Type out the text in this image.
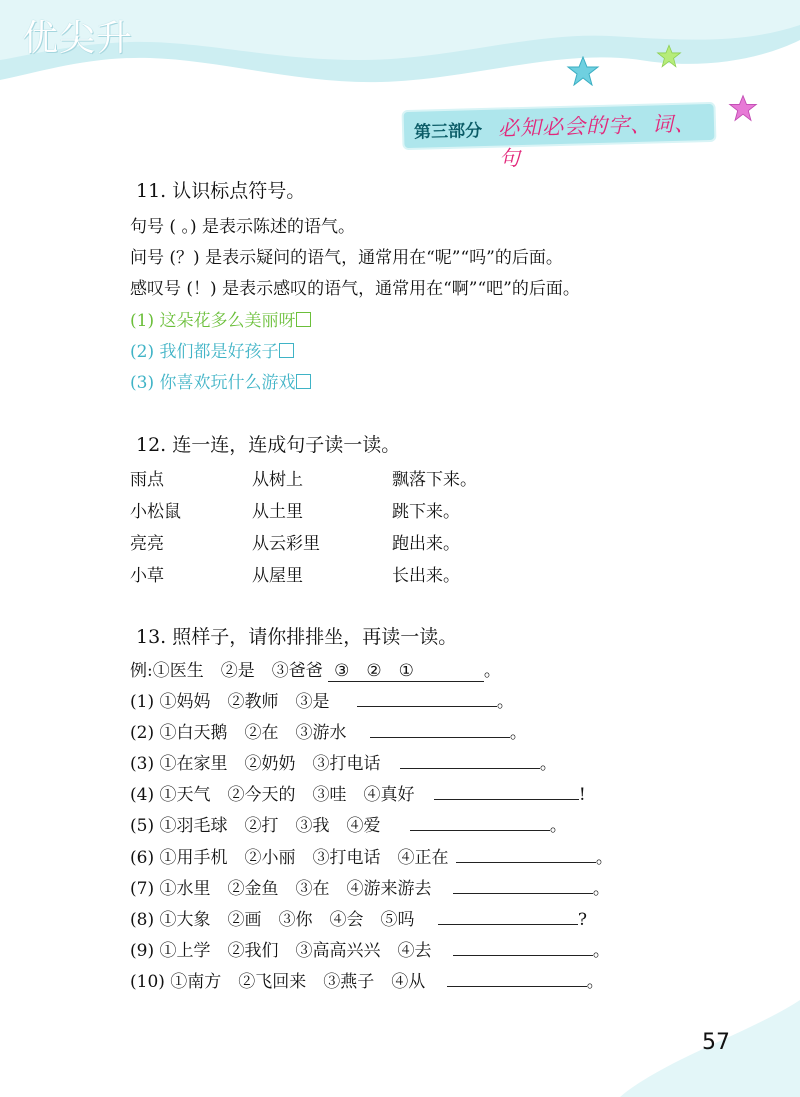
优尖升
第三部分 必知必会的字、词、句
11. 认识标点符号。
句号 ( 。) 是表示陈述的语气。
问号 (？) 是表示疑问的语气，通常用在“呢”“吗”的后面。
感叹号 (！) 是表示感叹的语气，通常用在“啊”“吧”的后面。
(1) 这朵花多么美丽呀
(2) 我们都是好孩子
(3) 你喜欢玩什么游戏
12. 连一连，连成句子读一读。
雨点	从树上	飘落下来。
小松鼠	从土里	跳下来。
亮亮	从云彩里	跑出来。
小草	从屋里	长出来。
13. 照样子，请你排排坐，再读一读。
例:①医生　②是　③爸爸 ③　②　①	。
(1) ①妈妈　②教师　③是	。
(2) ①白天鹅　②在　③游水	。
(3) ①在家里　②奶奶　③打电话	。
(4) ①天气　②今天的　③哇　④真好	!
(5) ①羽毛球　②打　③我　④爱	。
(6) ①用手机　②小丽　③打电话　④正在	。
(7) ①水里　②金鱼　③在　④游来游去	。
(8) ①大象　②画　③你　④会　⑤吗	?
(9) ①上学　②我们　③高高兴兴　④去	。
(10) ①南方　②飞回来　③燕子　④从	。
57
